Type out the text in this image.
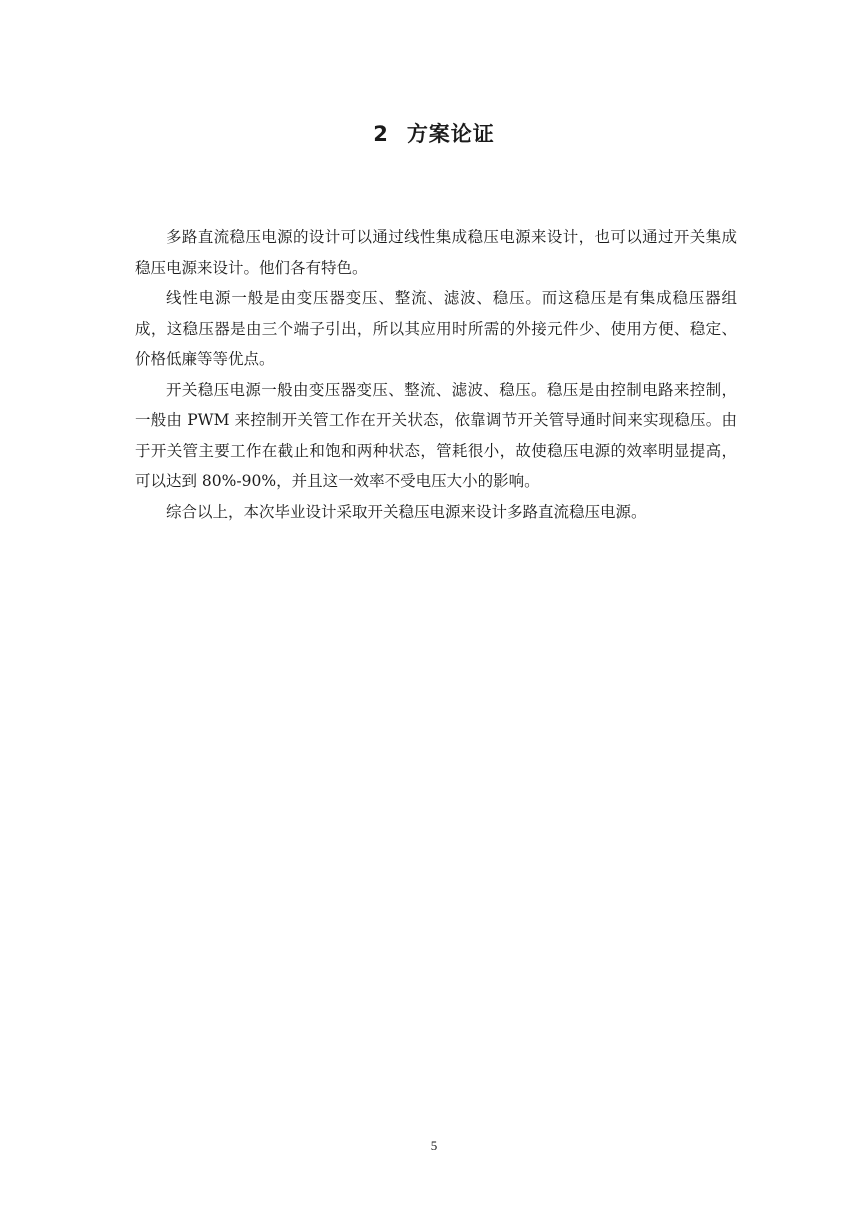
2 方案论证

多路直流稳压电源的设计可以通过线性集成稳压电源来设计，也可以通过开关集成稳压电源来设计。他们各有特色。

线性电源一般是由变压器变压、整流、滤波、稳压。而这稳压是有集成稳压器组成，这稳压器是由三个端子引出，所以其应用时所需的外接元件少、使用方便、稳定、价格低廉等等优点。

开关稳压电源一般由变压器变压、整流、滤波、稳压。稳压是由控制电路来控制，一般由 PWM 来控制开关管工作在开关状态，依靠调节开关管导通时间来实现稳压。由于开关管主要工作在截止和饱和两种状态，管耗很小，故使稳压电源的效率明显提高，可以达到 80%-90%，并且这一效率不受电压大小的影响。

综合以上，本次毕业设计采取开关稳压电源来设计多路直流稳压电源。

5
